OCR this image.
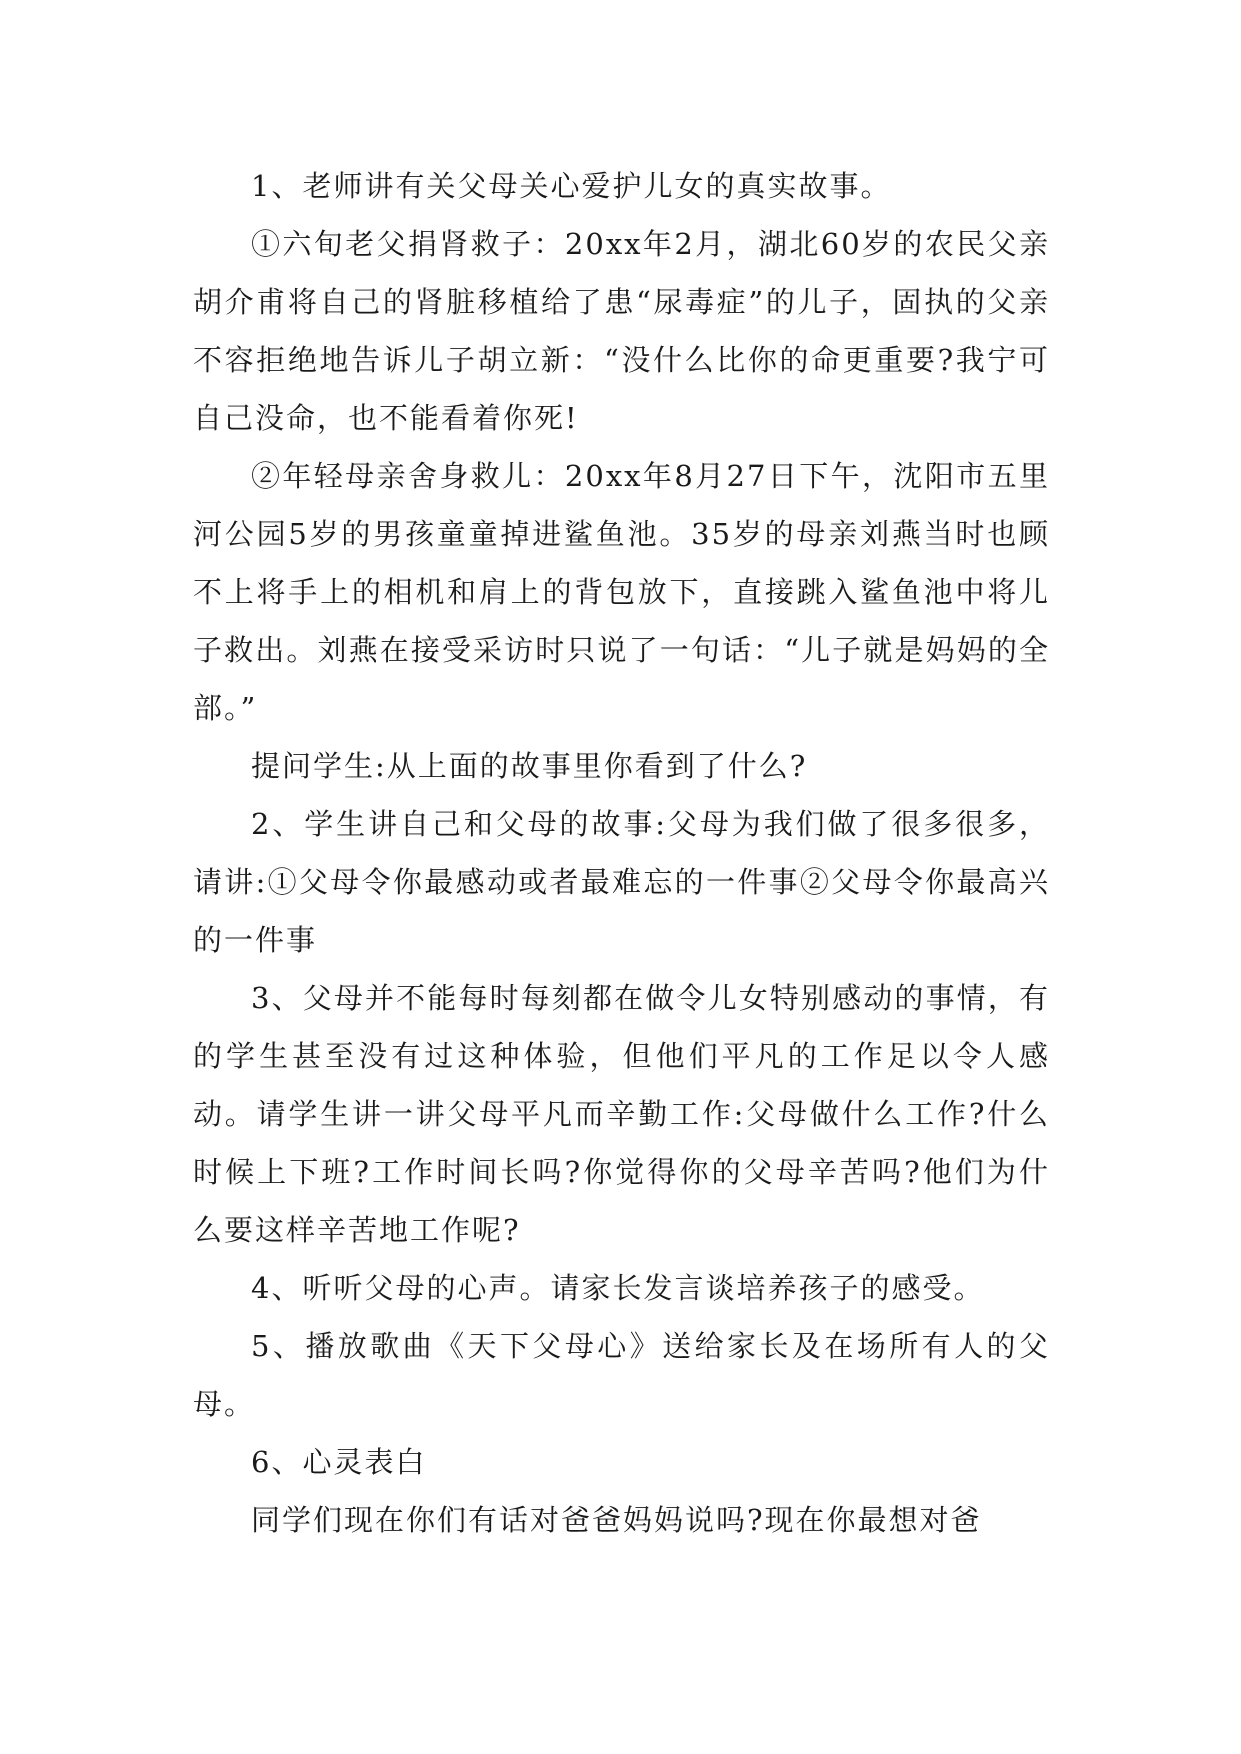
1、老师讲有关父母关心爱护儿女的真实故事。

①六旬老父捐肾救子：20xx年2月，湖北60岁的农民父亲胡介甫将自己的肾脏移植给了患“尿毒症”的儿子，固执的父亲不容拒绝地告诉儿子胡立新：“没什么比你的命更重要?我宁可自己没命，也不能看着你死!

②年轻母亲舍身救儿：20xx年8月27日下午，沈阳市五里河公园5岁的男孩童童掉进鲨鱼池。35岁的母亲刘燕当时也顾不上将手上的相机和肩上的背包放下，直接跳入鲨鱼池中将儿子救出。刘燕在接受采访时只说了一句话：“儿子就是妈妈的全部。”

提问学生:从上面的故事里你看到了什么?

2、学生讲自己和父母的故事:父母为我们做了很多很多，请讲:①父母令你最感动或者最难忘的一件事②父母令你最高兴的一件事

3、父母并不能每时每刻都在做令儿女特别感动的事情，有的学生甚至没有过这种体验，但他们平凡的工作足以令人感动。请学生讲一讲父母平凡而辛勤工作:父母做什么工作?什么时候上下班?工作时间长吗?你觉得你的父母辛苦吗?他们为什么要这样辛苦地工作呢?

4、听听父母的心声。请家长发言谈培养孩子的感受。

5、播放歌曲《天下父母心》送给家长及在场所有人的父母。

6、心灵表白

同学们现在你们有话对爸爸妈妈说吗?现在你最想对爸
